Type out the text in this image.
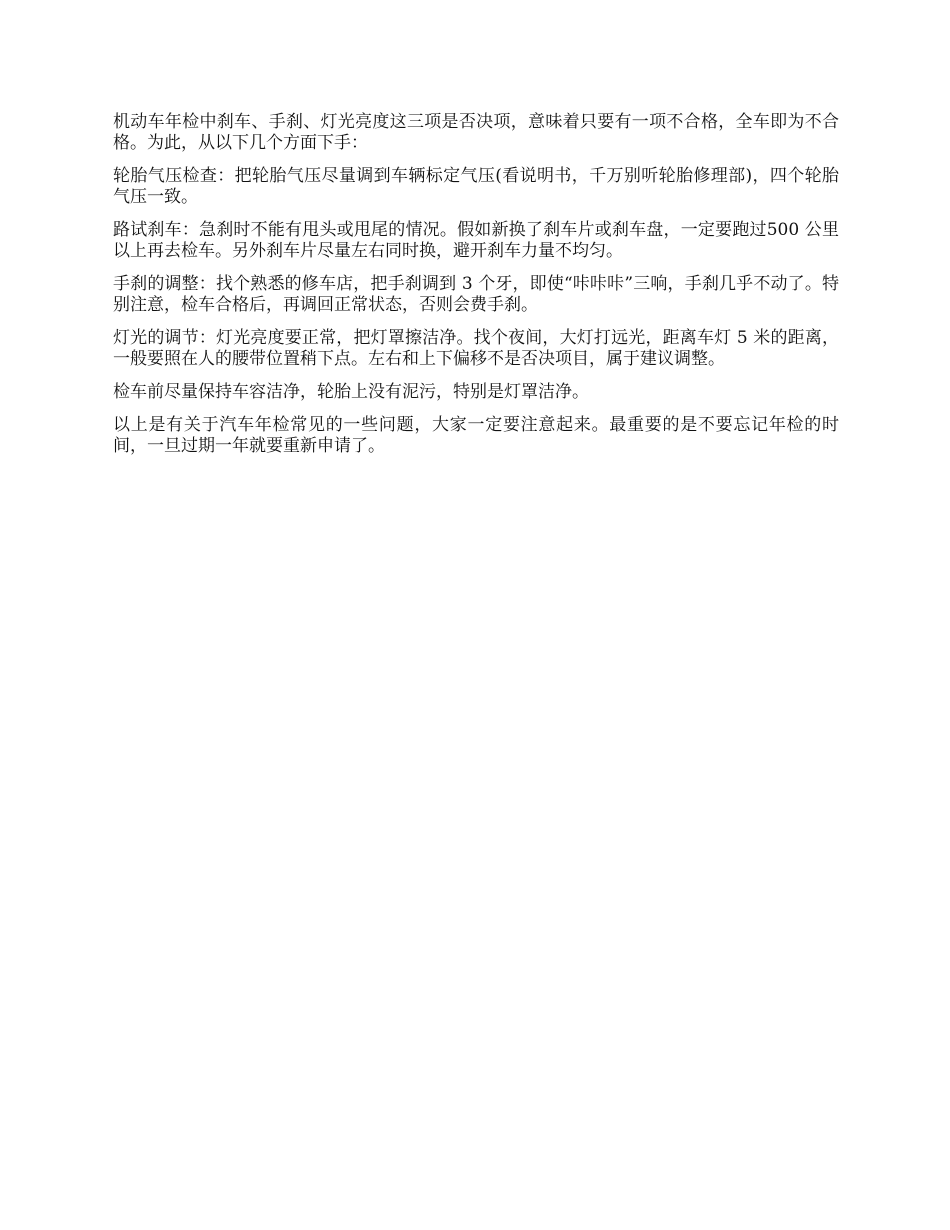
机动车年检中刹车、手刹、灯光亮度这三项是否决项，意味着只要有一项不合格，全车即为不合格。为此，从以下几个方面下手：

轮胎气压检查：把轮胎气压尽量调到车辆标定气压(看说明书，千万别听轮胎修理部)，四个轮胎气压一致。

路试刹车：急刹时不能有甩头或甩尾的情况。假如新换了刹车片或刹车盘，一定要跑过500 公里以上再去检车。另外刹车片尽量左右同时换，避开刹车力量不均匀。

手刹的调整：找个熟悉的修车店，把手刹调到 3 个牙，即使“咔咔咔”三响，手刹几乎不动了。特别注意，检车合格后，再调回正常状态，否则会费手刹。

灯光的调节：灯光亮度要正常，把灯罩擦洁净。找个夜间，大灯打远光，距离车灯 5 米的距离，一般要照在人的腰带位置稍下点。左右和上下偏移不是否决项目，属于建议调整。

检车前尽量保持车容洁净，轮胎上没有泥污，特别是灯罩洁净。

以上是有关于汽车年检常见的一些问题，大家一定要注意起来。最重要的是不要忘记年检的时间，一旦过期一年就要重新申请了。
